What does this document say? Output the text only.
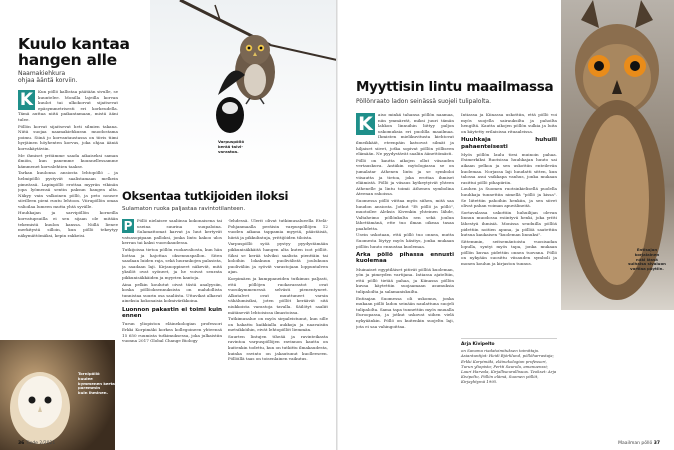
Kuulo kantaa hangen alle
Naamakiehkura
ohjaa ääntä korviin.
K	Kun pöllö kallistaa päätään sivulle, se kuuntelee. Monilla lajeilla korvan kuulot tai ulkokorvat sijaitsevat epäsymmetrisesti eri korkeudella. Tämä auttaa niitä paikantamaan, mistä ääni tulee.

Pöllön korvat sijaitsevat heti silmien takana. Niitä suojaa naamakiehkuran muodostama poimu. Siinä jo korvantaustassa on tiivis tiimi hyrjäinen höyhenten korvus, joka ohjaa ääniä korvakäytäviin.

Me ihmiset yritämme saada aikaiseksi saman ilmiön, kun panemme kuunnellessamme kämmenet korvalehtien taakse.

Tarkan kuulonsa ansiosta lehtopöllö – ja helmipöllö pystyvät saalistamaan melkein pimeässä. Lapinpöllö erottaa myyrän vikinän jopa lyömensä sentin paksun hangen alta. Näkyy vain valkoinen pöllö, ja peto nousee siivilleen pieni ruutu lehtoon. Viirupöllön omaa valioilaa lumeen mutta yhtä syvälle.

Huuhkajan ja sarvipöllön korneilla korvatupsuilla ei sen sijaan ole mitään tekemistä kuulon kanssa. Niillä lienee merkitystä silloin, kun pöllö tekeytyy näkymättömäksi, kepin rakkeisi.

Varpuspöllö
kerää talvi-
varastoa.
Oksentaa tutkijoiden iloksi
Sulamaton ruoka paljastaa ravintotilanteen.
P	Pöllö nielaisee saaliinsa kokonaisena tai useina suurina suupaloina. Sulamattomat karvat ja luut kertyvät vatsasopipaan palloksi, jonka lintu kakoo ulos kerran tai kaksi vuorokaudessa.

Tutkijoissa tietoa pöllön ruokavaliosta, kun hän liottaa ja hajottaa oksennuspallon. Siten saadaan luiden raja, sekä luurankojen palasista, ja saadaan laji. Kirjanoppineet näkevät, mitä yksilöt ovat syöneet, ja he voivat seurata pikkunisäkkäiden ja myyrien kantoja.

Aina pelkin koulutut oivat tästä analyysiin, koska pöllöoksennuksista on mahdollista tunnistaa suurin osa saaliista. Uttavikat alkavat aineksia kokonaisia kolmivärikkoina.

Luonnon pakastin ei toimi kuin ennen

Turun yliopiston eläinekologian professori Erkki Korpimäki korkea kollegoineen yhteensä 15 650 ruumista tutkimuksessa, joka julkaistiin vuonna 2017 Global Change Biology

-lehdessä. Ulerit olivat tutkimusalueella Etelä-Pohjanmaalla peräisin varpuspöllöjen 12 vuoden aikana tappamia myyriä, päästäisiä, hiiriä ja pikkulintuja, yrittijöiden tiloista.

Varpuspöllö syöä pystyy pyydystämään pikkunisäkkäitä hangen alta kuten isot pöllöt. Siksi se kerää talviksi saalista pienttäin tai koloihin lokakuun puolivälistä joulukuun puoliväliin ja syövät varastojaan loppuntalven ajan.

Korpimäen ja kumppaneiden tutkimus paljasti, että pöllöjen ruokavarastot ovat vuosikymmenessä selvästi pienentyneet. Alkutalvet ovat muuttuneet varsin vähälumisiksi, joten pöllöt keräävät sitä niukkoista varastoja tavalla. Säilötyt saaliit mätänevät lehtoisissa ilmastoissa.

Tutkimusalue on myös sirpaleistunut, kun sille on hakattu kaikkialla aukkoja ja naavaisiin metsikköihin, eivät lehtopöllöt liemmän.

Suurten lintujen tiheää ja ravinteikasta ravintoa varpuspöllöjen ravinnon kautta on kuitenkin todettu, kun on tutkittu ilmakaudesta, kuinka ravinto on jakautunut kuolleeseen. Pöllöillä taas on toisenlainen vaikutus.

Tornipöllö
kuulee
kymmenen kertaa
paremmin
kuin ihminen.
36 Tiede 2/2021
Entisajan
korjaiainen
näki lässä
sulhaisa sivaluon
vartiaa pöytiin.
Myyttisin lintu maailmassa
Pöllönraato ladon seinässä suojeli tulipalolta.
K	aiso minkä tahansa pöllön naamaa, niin ymmärrät, miksi juuri tämän lahkon linnuihin liittyy paljon uskomuksia eri puolilla maailmaa. Ihmisten mielikuvitusta kiehtovat ilmeikkäät, eteenpäin katsovat silmät ja hiljaiset siivet, jotka sopivat pöllön yölliseen elämään. Ne pyydystävät saaliin äänettömästi.

Pöllö on kautta aikojen ollut viisauden vertauskuva. Antiikin mytologiassa se on jumalatar Athenen lintu ja se symboloi viisautta ja tietoa, joka erottaa ihmiset eläimistä. Pöllö ja viisaus kytkeytyivät yhteen Athenelle ja lintu toimii Athenen symbolina Ateenan rahoissa.

Suomessa pöllö viittaa myös siihen, mitä saa huudon ansiosta. Jotkut "Et pöllö ja pöllö", muotoilee Aleksis Kivenkin yhteinen lähde, Valtaheimo pöllönkulta sen sekä joulun lähettämänä, ette tuo ilman oikeaa tasaa paahdetta.

Usein uskotaan, että pöllö tuo onnea, mutta Suomesta löytyy myös käsitys, jonka mukaan pöllön huuto ennustaa kuolemaa.

Arka pöllö pihassa ennusti kuolemaa

Muinaiset egyptiläiset pitivät pöllöä kuoleman, yön ja pimeyden vartijana. Intiassa ajateltiin, että pöllö tietää pahaa, ja Kiinassa pöllön kuvaa käytettiin suojaamaan asumuksia tulipaloilta ja salamaniskuilta.

Entisajan Suomessa oli uskomus, jonka mukaan pöllö ladon seinään naulattuna suojeli tulipalolta. Sama tapa tunnettiin myös muualla Euroopassa, ja jotkut uskovat siihen vielä nykyäänkin. Pöllö on kuitenkin suojeltu laji, jota ei saa vahingoittaa.

Intiassa ja Kiinassa uskottiin, että pöllö voi myös suojella sairauksilta ja pahoilta hengiltä. Kautta aikojen pöllön sulkia ja luita on käytetty erilaisissa rituaaleissa.

Huuhkaja huhuili pahaenteisesti

Myös pöllön laulu tiesi muinoin pahaa. Esimerkiksi Ruotsissa huuhkajan huuto sai aikaan pelkoa ja sen uskottiin enteilevän kuolemaa. Norjassa laji huudatti sitten, kun talossa asui vaikkapa vanhus, jonka mukaan rasittui pöllö pihapiiriin.

Louhen ja Suomen ruotsinkielisellä puolella huuhkaja tunnettiin nimellä "pöllö ja kissa". Se liitettiin pahoihin henkiin, ja sen siivet olivat pahan voiman apuvälineitä.

Sortavalassa uskottiin huhuilijan olevan linnun muodossa esiintyvä henki, joka yritti lähestyä ihmisiä. Monissa seuduilla pöllöä pidettiin noitien apuna, ja pöllöä saatettiin kutsua kaukaisen "kuoleman linnuksi".

Sittemmin, seitsemäntoista vuosisadan lopulla, syntyi myös tapa, jonka mukaan pöllön kuvaa pidettiin onnea tuovana. Pöllö on nykyään suosittu viisauden symboli ja monen koulun ja kirjaston tunnus.

Arja Kivipelto
on Sanoma riadatoimituksen toimittaja. Asiantuntijat: Heidi Björklund, pöllöharrastaja; Erkki Korpimäki, eläinekologian professori, Turun yliopisto; Pertti Saurola, amanuenssi; Lauri Harvala, Kirjalliseurallisuus. Teokset: Arja Kivipelto, Pöllön elämä, Suomen pöllöt, Kirjayhtymä 1995.
Maailman pöllö 37
